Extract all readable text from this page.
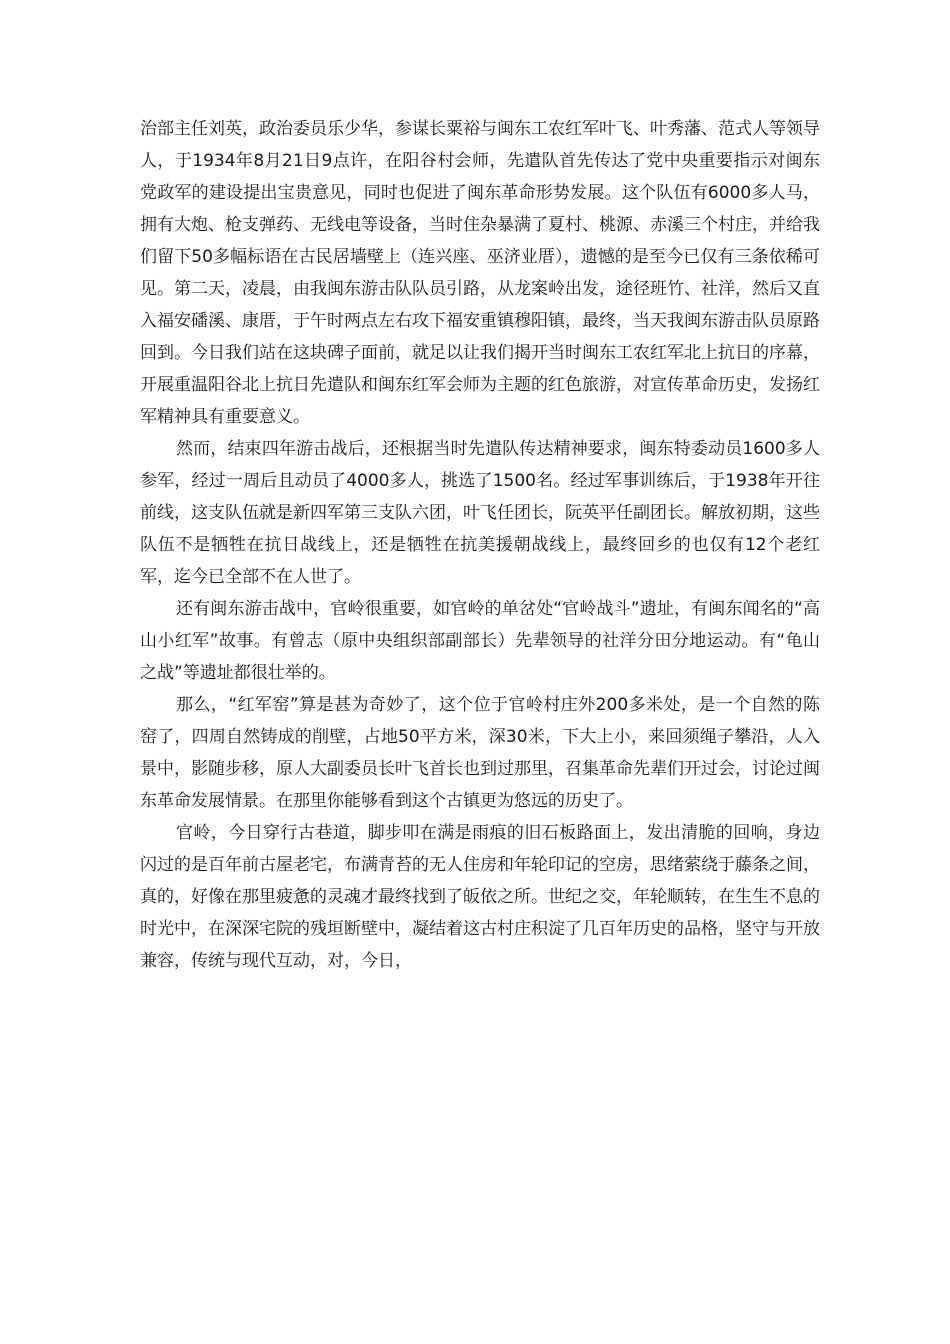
治部主任刘英，政治委员乐少华，参谋长粟裕与闽东工农红军叶飞、叶秀藩、范式人等领导人，于1934年8月21日9点许，在阳谷村会师，先遣队首先传达了党中央重要指示对闽东党政军的建设提出宝贵意见，同时也促进了闽东革命形势发展。这个队伍有6000多人马，拥有大炮、枪支弹药、无线电等设备，当时住杂暴满了夏村、桃源、赤溪三个村庄，并给我们留下50多幅标语在古民居墙壁上（连兴座、巫济业厝），遗憾的是至今已仅有三条依稀可见。第二天，凌晨，由我闽东游击队队员引路，从龙案岭出发，途径班竹、社洋，然后又直入福安磻溪、康厝，于午时两点左右攻下福安重镇穆阳镇，最终，当天我闽东游击队员原路回到。今日我们站在这块碑子面前，就足以让我们揭开当时闽东工农红军北上抗日的序幕，开展重温阳谷北上抗日先遣队和闽东红军会师为主题的红色旅游，对宣传革命历史，发扬红军精神具有重要意义。

然而，结束四年游击战后，还根据当时先遣队传达精神要求，闽东特委动员1600多人参军，经过一周后且动员了4000多人，挑选了1500名。经过军事训练后，于1938年开往前线，这支队伍就是新四军第三支队六团，叶飞任团长，阮英平任副团长。解放初期，这些队伍不是牺牲在抗日战线上，还是牺牲在抗美援朝战线上，最终回乡的也仅有12个老红军，迄今已全部不在人世了。

还有闽东游击战中，官岭很重要，如官岭的单岔处“官岭战斗”遗址，有闽东闻名的“高山小红军”故事。有曾志（原中央组织部副部长）先辈领导的社洋分田分地运动。有“龟山之战”等遗址都很壮举的。

那么，“红军窑”算是甚为奇妙了，这个位于官岭村庄外200多米处，是一个自然的陈窑了，四周自然铸成的削壁，占地50平方米，深30米，下大上小，来回须绳子攀沿，人入景中，影随步移，原人大副委员长叶飞首长也到过那里，召集革命先辈们开过会，讨论过闽东革命发展情景。在那里你能够看到这个古镇更为悠远的历史了。

官岭，今日穿行古巷道，脚步叩在满是雨痕的旧石板路面上，发出清脆的回响，身边闪过的是百年前古屋老宅，布满青苔的无人住房和年轮印记的空房，思绪萦绕于藤条之间，真的，好像在那里疲惫的灵魂才最终找到了皈依之所。世纪之交，年轮顺转，在生生不息的时光中，在深深宅院的残垣断壁中，凝结着这古村庄积淀了几百年历史的品格，坚守与开放兼容，传统与现代互动，对，今日，
